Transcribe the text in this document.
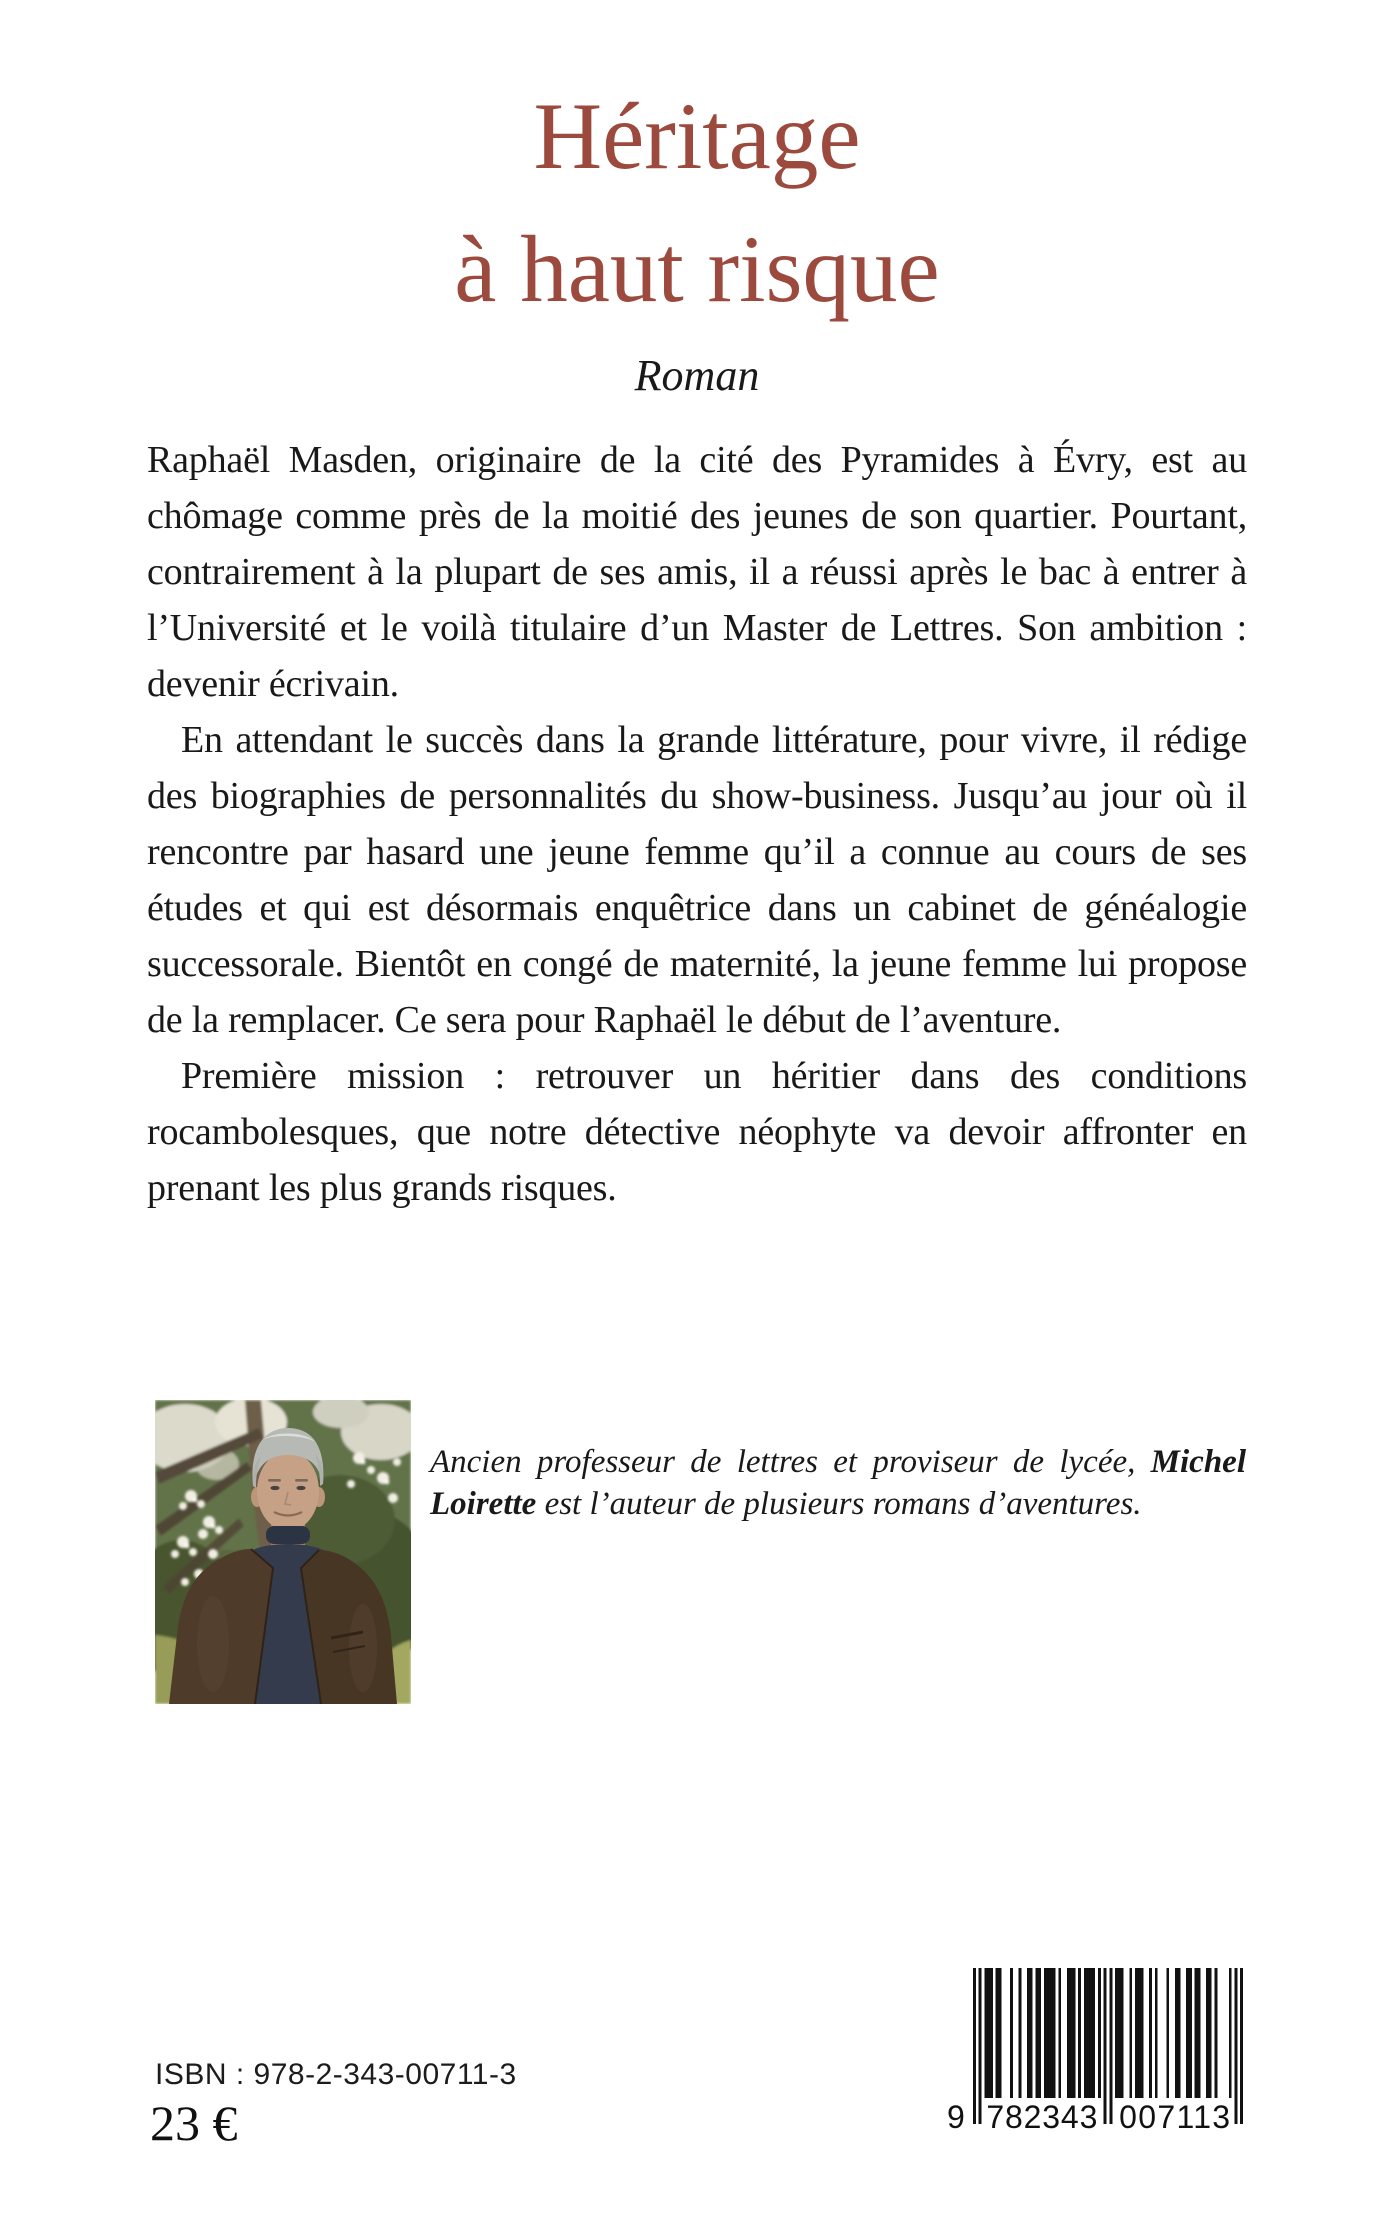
Héritage
à haut risque
Roman

Raphaël Masden, originaire de la cité des Pyramides à Évry, est au chômage comme près de la moitié des jeunes de son quartier. Pourtant, contrairement à la plupart de ses amis, il a réussi après le bac à entrer à l’Université et le voilà titulaire d’un Master de Lettres. Son ambition : devenir écrivain.

En attendant le succès dans la grande littérature, pour vivre, il rédige des biographies de personnalités du show-business. Jusqu’au jour où il rencontre par hasard une jeune femme qu’il a connue au cours de ses études et qui est désormais enquêtrice dans un cabinet de généalogie successorale. Bientôt en congé de maternité, la jeune femme lui propose de la remplacer. Ce sera pour Raphaël le début de l’aventure.

Première mission : retrouver un héritier dans des conditions rocambolesques, que notre détective néophyte va devoir affronter en prenant les plus grands risques.

Ancien professeur de lettres et proviseur de lycée, Michel Loirette est l’auteur de plusieurs romans d’aventures.

ISBN : 978-2-343-00711-3
23 €	9 782343 007113
